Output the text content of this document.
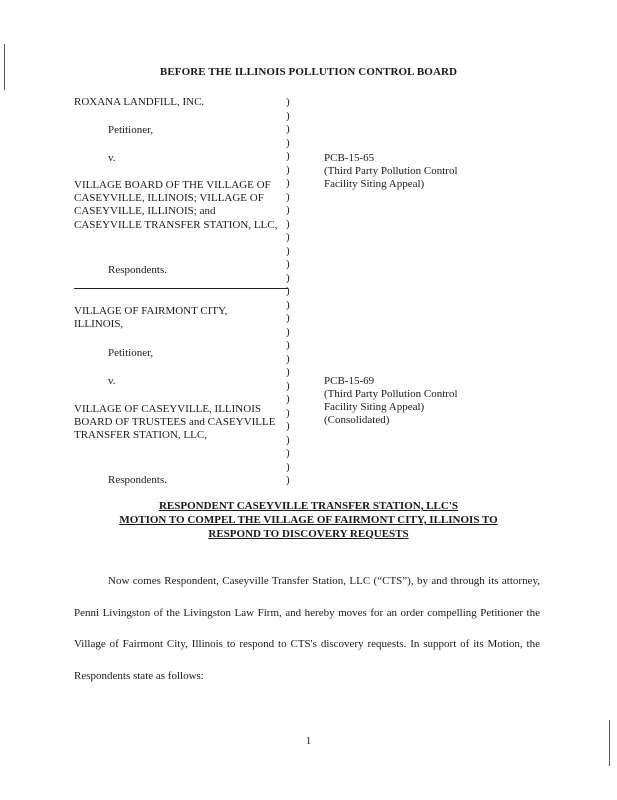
BEFORE THE ILLINOIS POLLUTION CONTROL BOARD
ROXANA LANDFILL, INC.
Petitioner,
v.
VILLAGE BOARD OF THE VILLAGE OF CASEYVILLE, ILLINOIS; VILLAGE OF CASEYVILLE, ILLINOIS; and CASEYVILLE TRANSFER STATION, LLC,
Respondents.
PCB-15-65
(Third Party Pollution Control
Facility Siting Appeal)
VILLAGE OF FAIRMONT CITY, ILLINOIS,
Petitioner,
v.
VILLAGE OF CASEYVILLE, ILLINOIS BOARD OF TRUSTEES and CASEYVILLE TRANSFER STATION, LLC,
Respondents.
PCB-15-69
(Third Party Pollution Control
Facility Siting Appeal)
(Consolidated)
)
)
)
)
)
)
)
)
)
)
)
)
)
)
)
)
)
)
)
)
)
)
)
)
)
)
)
)
)
RESPONDENT CASEYVILLE TRANSFER STATION, LLC'S
MOTION TO COMPEL THE VILLAGE OF FAIRMONT CITY, ILLINOIS TO
RESPOND TO DISCOVERY REQUESTS
Now comes Respondent, Caseyville Transfer Station, LLC (“CTS”), by and through its attorney, Penni Livingston of the Livingston Law Firm, and hereby moves for an order compelling Petitioner the Village of Fairmont City, Illinois to respond to CTS's discovery requests. In support of its Motion, the Respondents state as follows:
1
